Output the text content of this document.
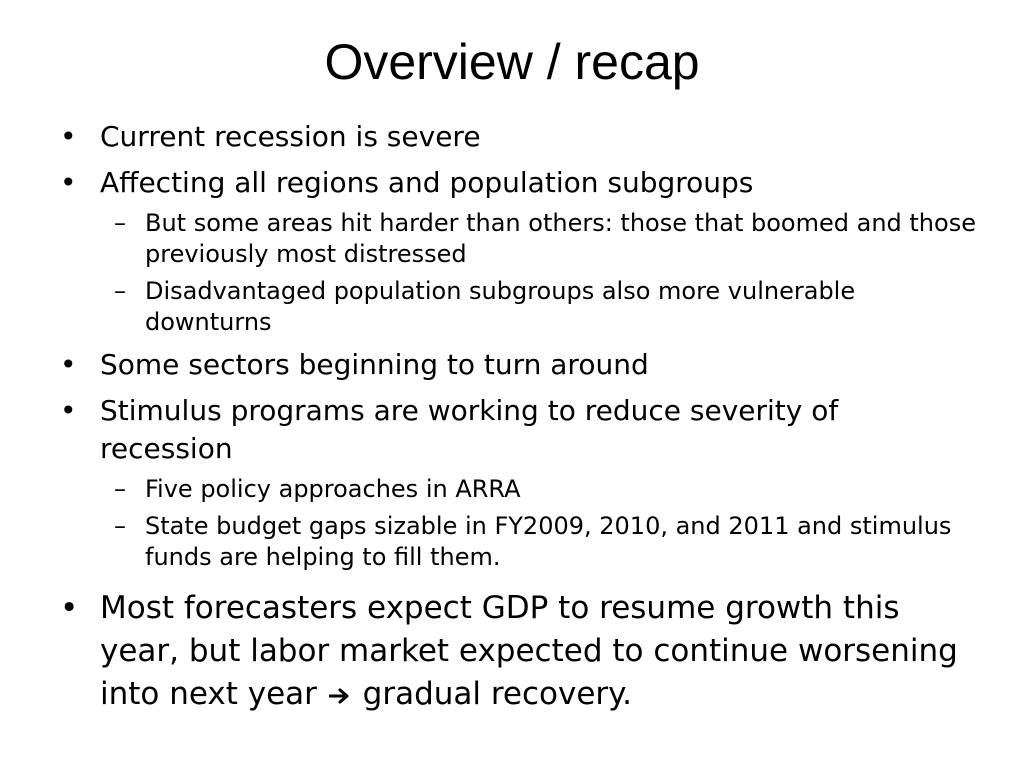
Overview / recap
• Current recession is severe
• Affecting all regions and population subgroups
– But some areas hit harder than others: those that boomed and those previously most distressed
– Disadvantaged population subgroups also more vulnerable downturns
• Some sectors beginning to turn around
• Stimulus programs are working to reduce severity of recession
– Five policy approaches in ARRA
– State budget gaps sizable in FY2009, 2010, and 2011 and stimulus funds are helping to fill them.
• Most forecasters expect GDP to resume growth this year, but labor market expected to continue worsening into next year gradual recovery.
